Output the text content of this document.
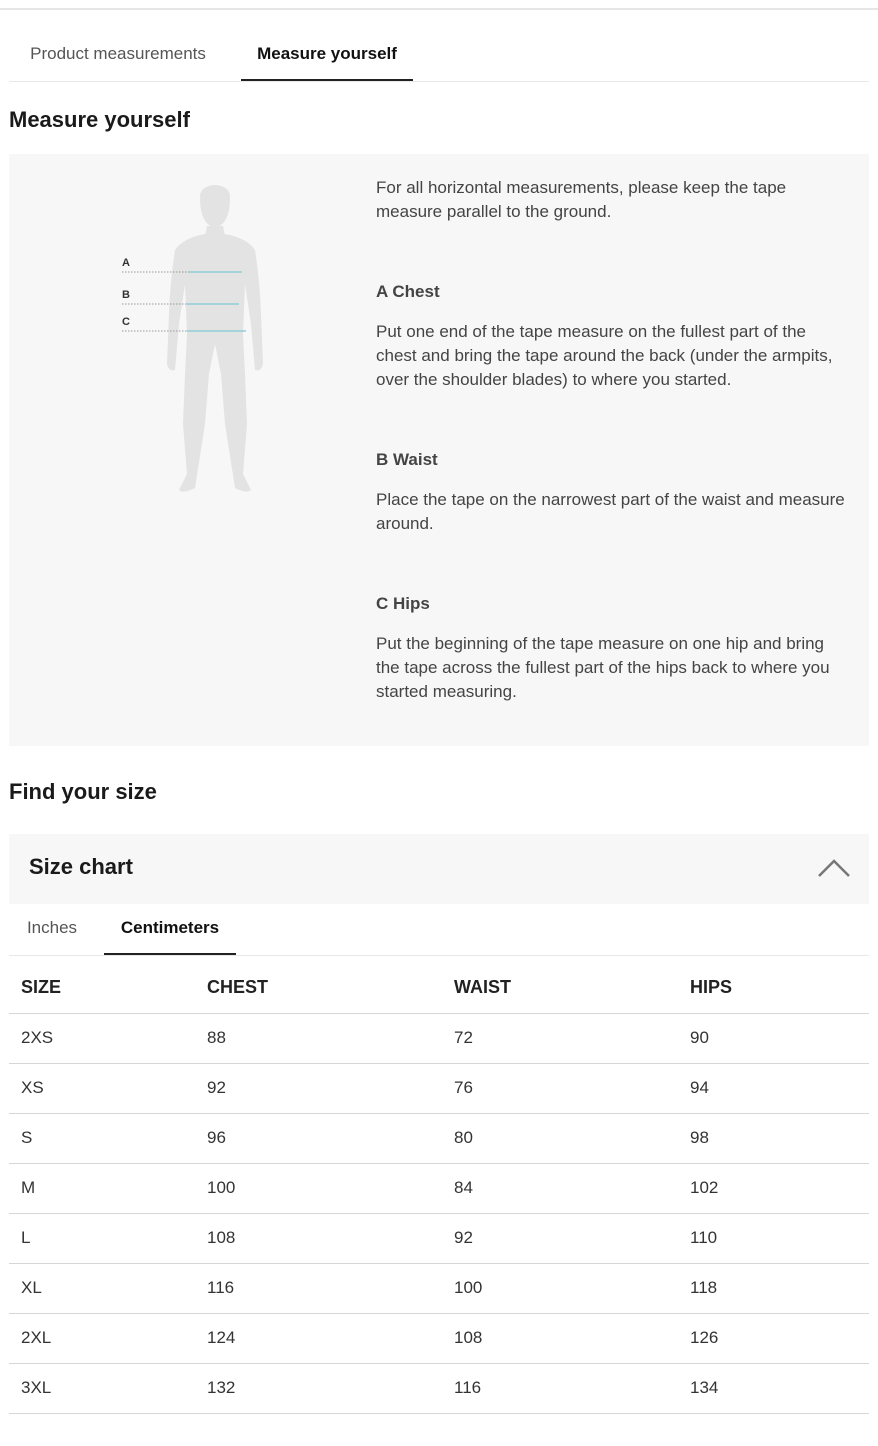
Product measurements	Measure yourself
Measure yourself
A
B
C
For all horizontal measurements, please keep the tape measure parallel to the ground.
A Chest
Put one end of the tape measure on the fullest part of the chest and bring the tape around the back (under the armpits, over the shoulder blades) to where you started.
B Waist
Place the tape on the narrowest part of the waist and measure around.
C Hips
Put the beginning of the tape measure on one hip and bring the tape across the fullest part of the hips back to where you started measuring.
Find your size
Size chart
Inches	Centimeters
SIZE	CHEST	WAIST	HIPS
2XS	88	72	90
XS	92	76	94
S	96	80	98
M	100	84	102
L	108	92	110
XL	116	100	118
2XL	124	108	126
3XL	132	116	134
